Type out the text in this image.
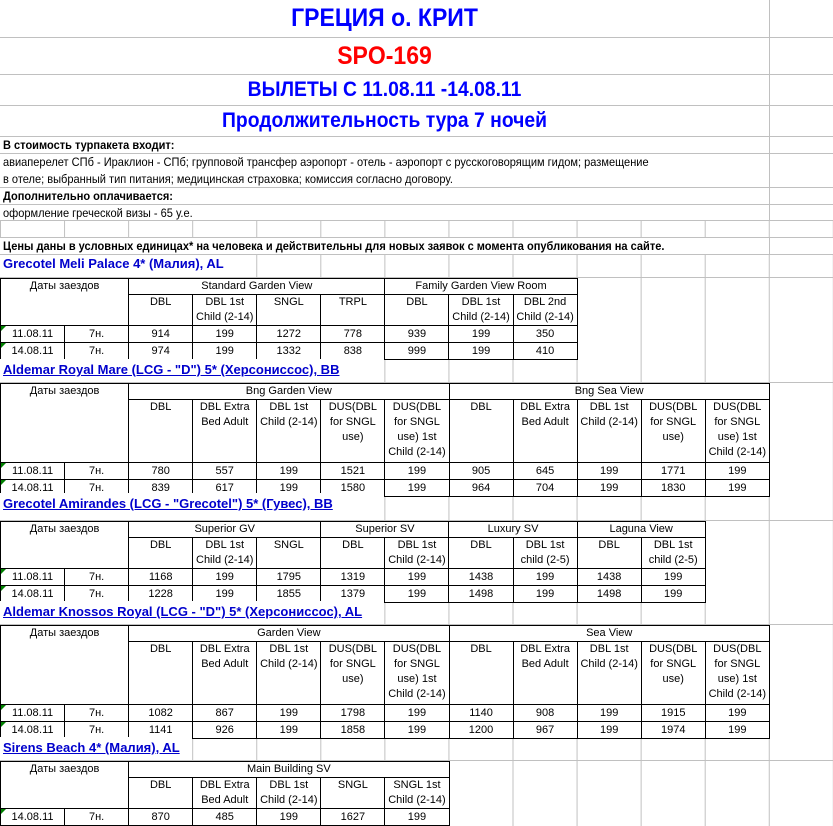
ГРЕЦИЯ о. КРИТ
SPO-169
ВЫЛЕТЫ С 11.08.11 -14.08.11
Продолжительность тура 7 ночей
В стоимость турпакета входит:
авиаперелет СПб - Ираклион - СПб; групповой трансфер аэропорт - отель - аэропорт с русскоговорящим гидом; размещение
в отеле; выбранный тип питания; медицинская страховка; комиссия согласно договору.
Дополнительно оплачивается:
оформление греческой визы - 65 у.е.
Цены даны в условных единицах* на человека и действительны для новых заявок с момента опубликования на сайте.
Grecotel Meli Palace 4* (Малия), AL
Даты заездов		Standard Garden View				Family Garden View Room		
		DBL	DBL 1st Child (2-14)	SNGL	TRPL	DBL	DBL 1st Child (2-14)	DBL 2nd Child (2-14)
11.08.11	7н.	914	199	1272	778	939	199	350
14.08.11	7н.	974	199	1332	838	999	199	410
Aldemar Royal Mare (LCG - "D") 5* (Херсониссос), BB
Даты заездов		Bng Garden View					Bng Sea View				
		DBL	DBL Extra Bed Adult	DBL 1st Child (2-14)	DUS(DBL for SNGL use)	DUS(DBL for SNGL use) 1st Child (2-14)	DBL	DBL Extra Bed Adult	DBL 1st Child (2-14)	DUS(DBL for SNGL use)	DUS(DBL for SNGL use) 1st Child (2-14)
11.08.11	7н.	780	557	199	1521	199	905	645	199	1771	199
14.08.11	7н.	839	617	199	1580	199	964	704	199	1830	199
Grecotel Amirandes (LCG - "Grecotel") 5* (Гувес), BB
Даты заездов		Superior GV			Superior SV		Luxury SV		Laguna View	
		DBL	DBL 1st Child (2-14)	SNGL	DBL	DBL 1st Child (2-14)	DBL	DBL 1st child (2-5)	DBL	DBL 1st child (2-5)
11.08.11	7н.	1168	199	1795	1319	199	1438	199	1438	199
14.08.11	7н.	1228	199	1855	1379	199	1498	199	1498	199
Aldemar Knossos Royal (LCG - "D") 5* (Херсониссос), AL
Даты заездов		Garden View					Sea View				
		DBL	DBL Extra Bed Adult	DBL 1st Child (2-14)	DUS(DBL for SNGL use)	DUS(DBL for SNGL use) 1st Child (2-14)	DBL	DBL Extra Bed Adult	DBL 1st Child (2-14)	DUS(DBL for SNGL use)	DUS(DBL for SNGL use) 1st Child (2-14)
11.08.11	7н.	1082	867	199	1798	199	1140	908	199	1915	199
14.08.11	7н.	1141	926	199	1858	199	1200	967	199	1974	199
Sirens Beach 4* (Малия), AL
Даты заездов		Main Building SV				
		DBL	DBL Extra Bed Adult	DBL 1st Child (2-14)	SNGL	SNGL 1st Child (2-14)
14.08.11	7н.	870	485	199	1627	199
